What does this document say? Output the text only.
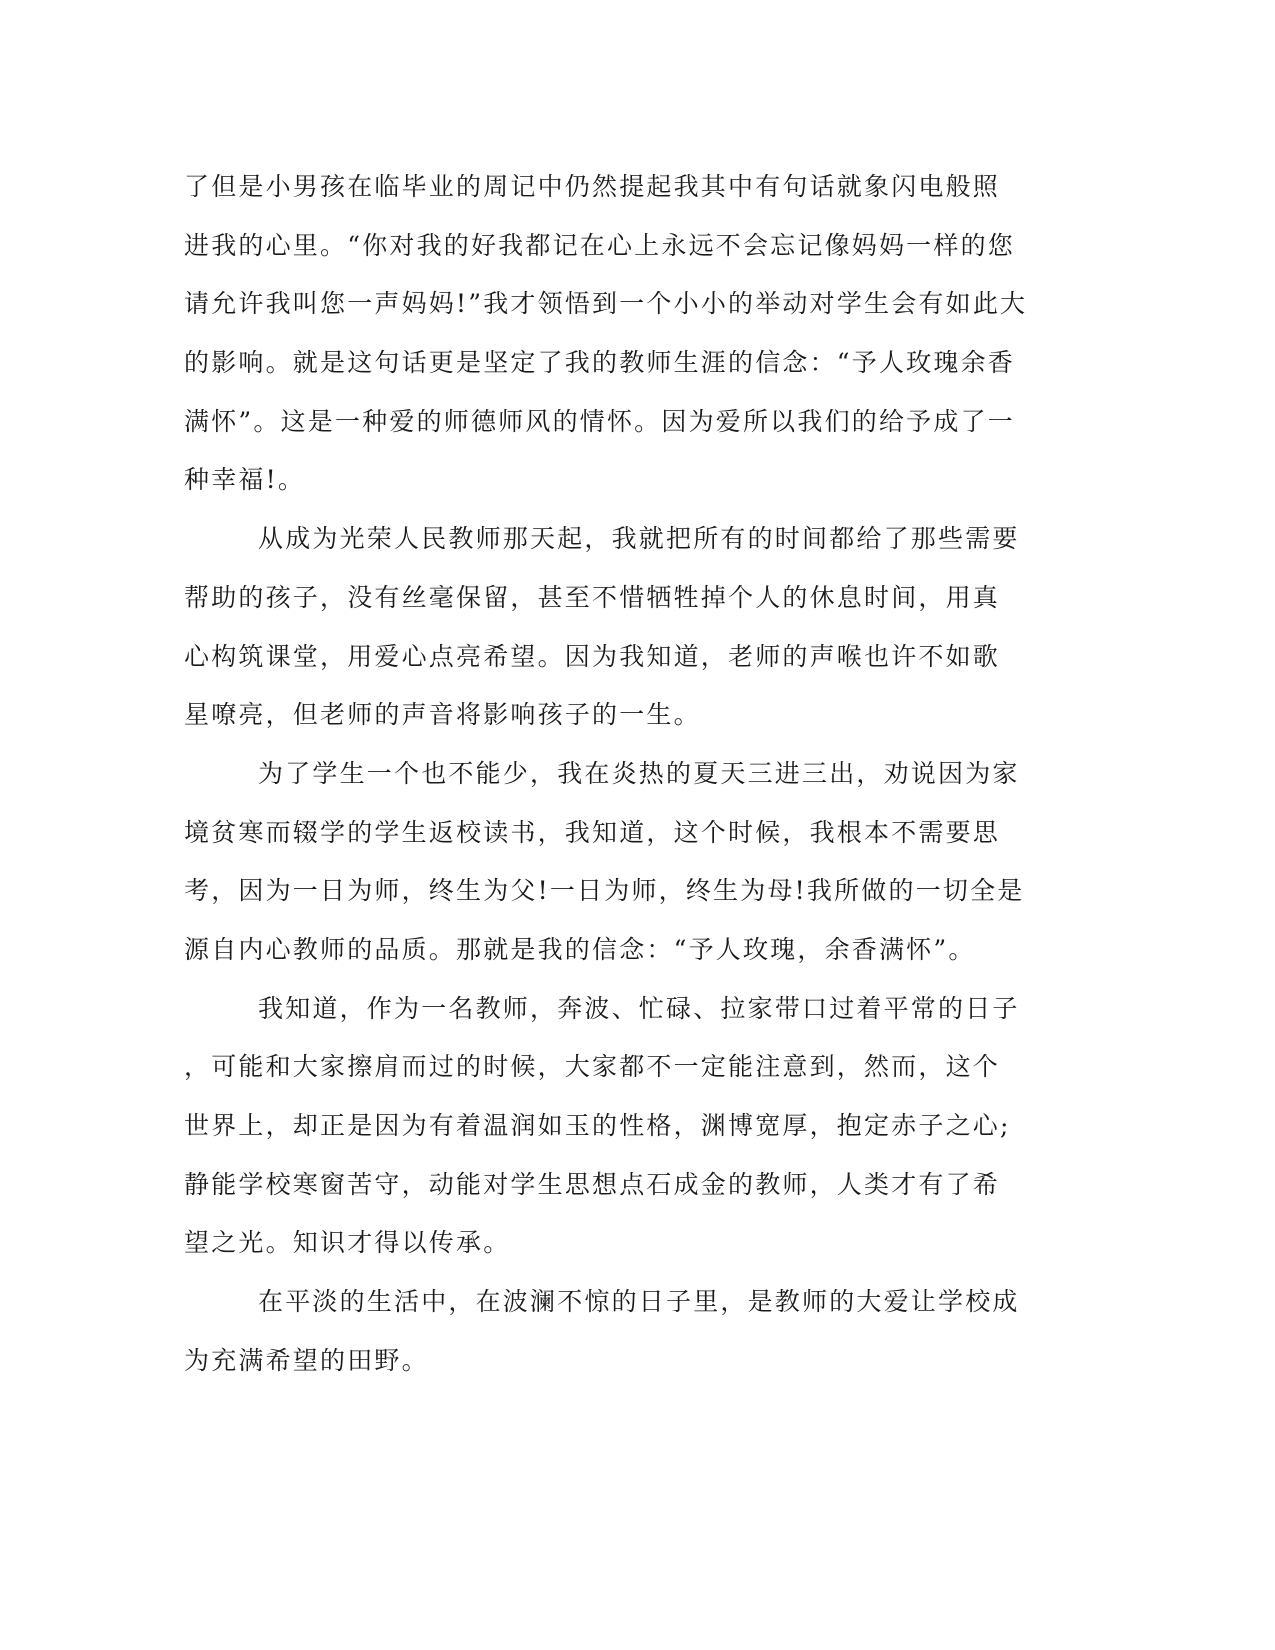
了但是小男孩在临毕业的周记中仍然提起我其中有句话就象闪电般照
进我的心里。“你对我的好我都记在心上永远不会忘记像妈妈一样的您
请允许我叫您一声妈妈!”我才领悟到一个小小的举动对学生会有如此大
的影响。就是这句话更是坚定了我的教师生涯的信念：“予人玫瑰余香
满怀”。这是一种爱的师德师风的情怀。因为爱所以我们的给予成了一
种幸福!。
从成为光荣人民教师那天起，我就把所有的时间都给了那些需要
帮助的孩子，没有丝毫保留，甚至不惜牺牲掉个人的休息时间，用真
心构筑课堂，用爱心点亮希望。因为我知道，老师的声喉也许不如歌
星嘹亮，但老师的声音将影响孩子的一生。
为了学生一个也不能少，我在炎热的夏天三进三出，劝说因为家
境贫寒而辍学的学生返校读书，我知道，这个时候，我根本不需要思
考，因为一日为师，终生为父!一日为师，终生为母!我所做的一切全是
源自内心教师的品质。那就是我的信念：“予人玫瑰，余香满怀”。
我知道，作为一名教师，奔波、忙碌、拉家带口过着平常的日子
，可能和大家擦肩而过的时候，大家都不一定能注意到，然而，这个
世界上，却正是因为有着温润如玉的性格，渊博宽厚，抱定赤子之心;
静能学校寒窗苦守，动能对学生思想点石成金的教师，人类才有了希
望之光。知识才得以传承。
在平淡的生活中，在波澜不惊的日子里，是教师的大爱让学校成
为充满希望的田野。
